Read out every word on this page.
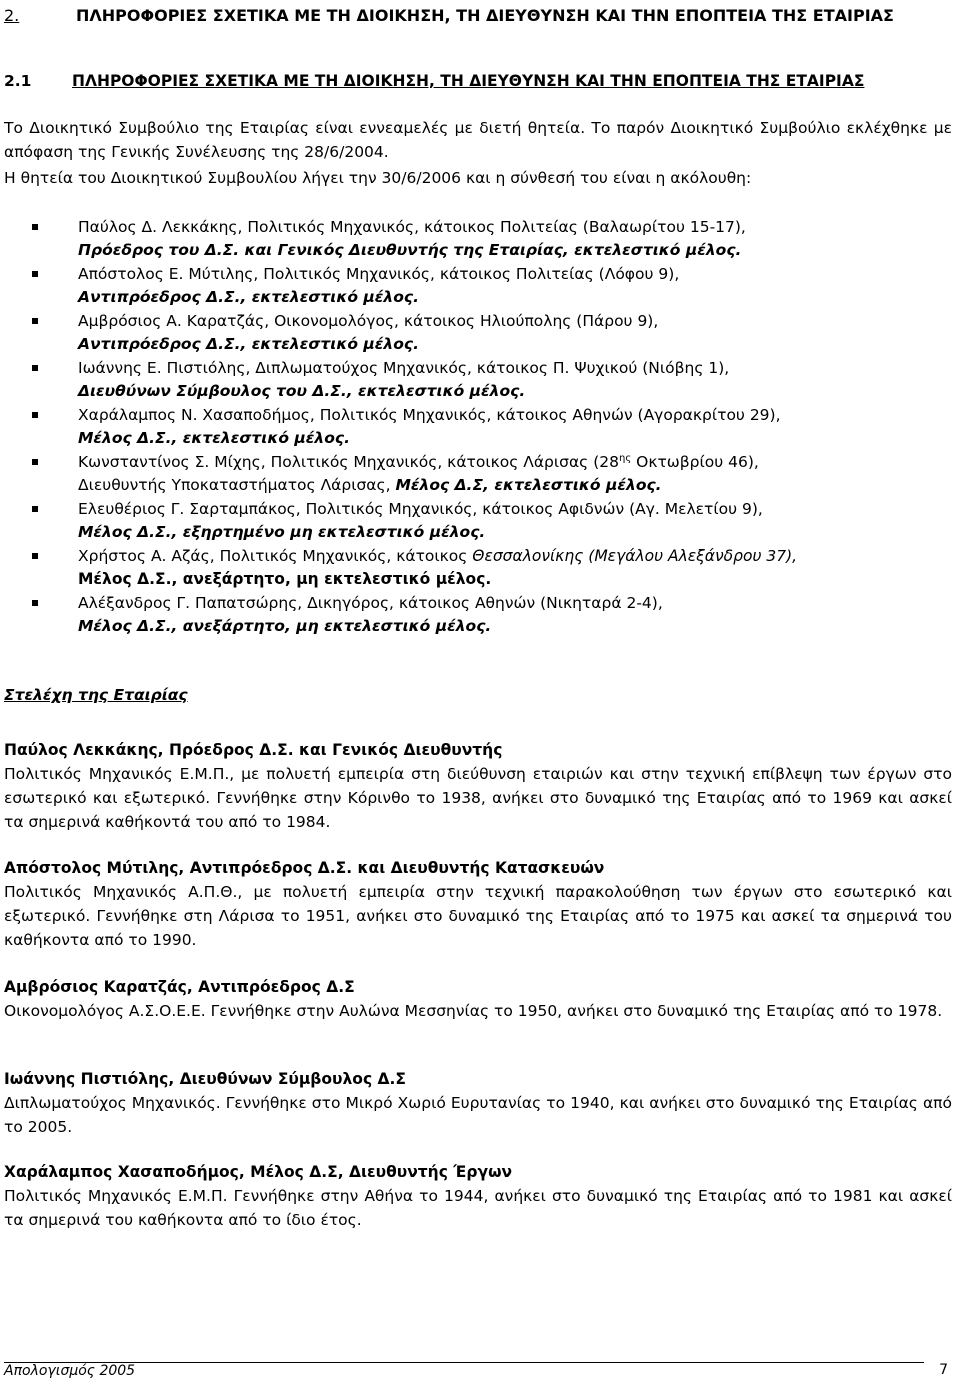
2.	ΠΛΗΡΟΦΟΡΙΕΣ ΣΧΕΤΙΚΑ ΜΕ ΤΗ ΔΙΟΙΚΗΣΗ, ΤΗ ΔΙΕΥΘΥΝΣΗ ΚΑΙ ΤΗΝ ΕΠΟΠΤΕΙΑ ΤΗΣ ΕΤΑΙΡΙΑΣ
2.1	ΠΛΗΡΟΦΟΡΙΕΣ ΣΧΕΤΙΚΑ ΜΕ ΤΗ ΔΙΟΙΚΗΣΗ, ΤΗ ΔΙΕΥΘΥΝΣΗ ΚΑΙ ΤΗΝ ΕΠΟΠΤΕΙΑ ΤΗΣ ΕΤΑΙΡΙΑΣ
Το Διοικητικό Συμβούλιο της Εταιρίας είναι εννεαμελές με διετή θητεία. Το παρόν Διοικητικό Συμβούλιο εκλέχθηκε με απόφαση της Γενικής Συνέλευσης της 28/6/2004.
Η θητεία του Διοικητικού Συμβουλίου λήγει την 30/6/2006 και η σύνθεσή του είναι η ακόλουθη:
Παύλος Δ. Λεκκάκης, Πολιτικός Μηχανικός, κάτοικος Πολιτείας (Βαλαωρίτου 15-17),
Πρόεδρος του Δ.Σ. και Γενικός Διευθυντής της Εταιρίας, εκτελεστικό μέλος.
Απόστολος Ε. Μύτιλης, Πολιτικός Μηχανικός, κάτοικος Πολιτείας (Λόφου 9),
Αντιπρόεδρος Δ.Σ., εκτελεστικό μέλος.
Αμβρόσιος Α. Καρατζάς, Οικονομολόγος, κάτοικος Ηλιούπολης (Πάρου 9),
Αντιπρόεδρος Δ.Σ., εκτελεστικό μέλος.
Ιωάννης Ε. Πιστιόλης, Διπλωματούχος Μηχανικός, κάτοικος Π. Ψυχικού (Νιόβης 1),
Διευθύνων Σύμβουλος του Δ.Σ., εκτελεστικό μέλος.
Χαράλαμπος Ν. Χασαποδήμος, Πολιτικός Μηχανικός, κάτοικος Αθηνών (Αγορακρίτου 29),
Μέλος Δ.Σ., εκτελεστικό μέλος.
Κωνσταντίνος Σ. Μίχης, Πολιτικός Μηχανικός, κάτοικος Λάρισας ($28^{\eta\varsigma}$ Οκτωβρίου 46),
Διευθυντής Υποκαταστήματος Λάρισας, Μέλος Δ.Σ, εκτελεστικό μέλος.
Ελευθέριος Γ. Σαρταμπάκος, Πολιτικός Μηχανικός, κάτοικος Αφιδνών (Αγ. Μελετίου 9),
Μέλος Δ.Σ., εξηρτημένο μη εκτελεστικό μέλος.
Χρήστος Α. Αζάς, Πολιτικός Μηχανικός, κάτοικος Θεσσαλονίκης (Μεγάλου Αλεξάνδρου 37),
Μέλος Δ.Σ., ανεξάρτητο, μη εκτελεστικό μέλος.
Αλέξανδρος Γ. Παπατσώρης, Δικηγόρος, κάτοικος Αθηνών (Νικηταρά 2-4),
Μέλος Δ.Σ., ανεξάρτητο, μη εκτελεστικό μέλος.
Στελέχη της Εταιρίας
Παύλος Λεκκάκης, Πρόεδρος Δ.Σ. και Γενικός Διευθυντής
Πολιτικός Μηχανικός Ε.Μ.Π., με πολυετή εμπειρία στη διεύθυνση εταιριών και στην τεχνική επίβλεψη των έργων στο εσωτερικό και εξωτερικό. Γεννήθηκε στην Κόρινθο το 1938, ανήκει στο δυναμικό της Εταιρίας από το 1969 και ασκεί τα σημερινά καθήκοντά του από το 1984.
Απόστολος Μύτιλης, Αντιπρόεδρος Δ.Σ. και Διευθυντής Κατασκευών
Πολιτικός Μηχανικός Α.Π.Θ., με πολυετή εμπειρία στην τεχνική παρακολούθηση των έργων στο εσωτερικό και εξωτερικό. Γεννήθηκε στη Λάρισα το 1951, ανήκει στο δυναμικό της Εταιρίας από το 1975 και ασκεί τα σημερινά του καθήκοντα από το 1990.
Αμβρόσιος Καρατζάς, Αντιπρόεδρος Δ.Σ
Οικονομολόγος Α.Σ.Ο.Ε.Ε. Γεννήθηκε στην Αυλώνα Μεσσηνίας το 1950, ανήκει στο δυναμικό της Εταιρίας από το 1978.
Ιωάννης Πιστιόλης, Διευθύνων Σύμβουλος Δ.Σ
Διπλωματούχος Μηχανικός. Γεννήθηκε στο Μικρό Χωριό Ευρυτανίας το 1940, και ανήκει στο δυναμικό της Εταιρίας από το 2005.
Χαράλαμπος Χασαποδήμος, Μέλος Δ.Σ, Διευθυντής Έργων
Πολιτικός Μηχανικός Ε.Μ.Π. Γεννήθηκε στην Αθήνα το 1944, ανήκει στο δυναμικό της Εταιρίας από το 1981 και ασκεί τα σημερινά του καθήκοντα από το ίδιο έτος.
Απολογισμός 2005	7
